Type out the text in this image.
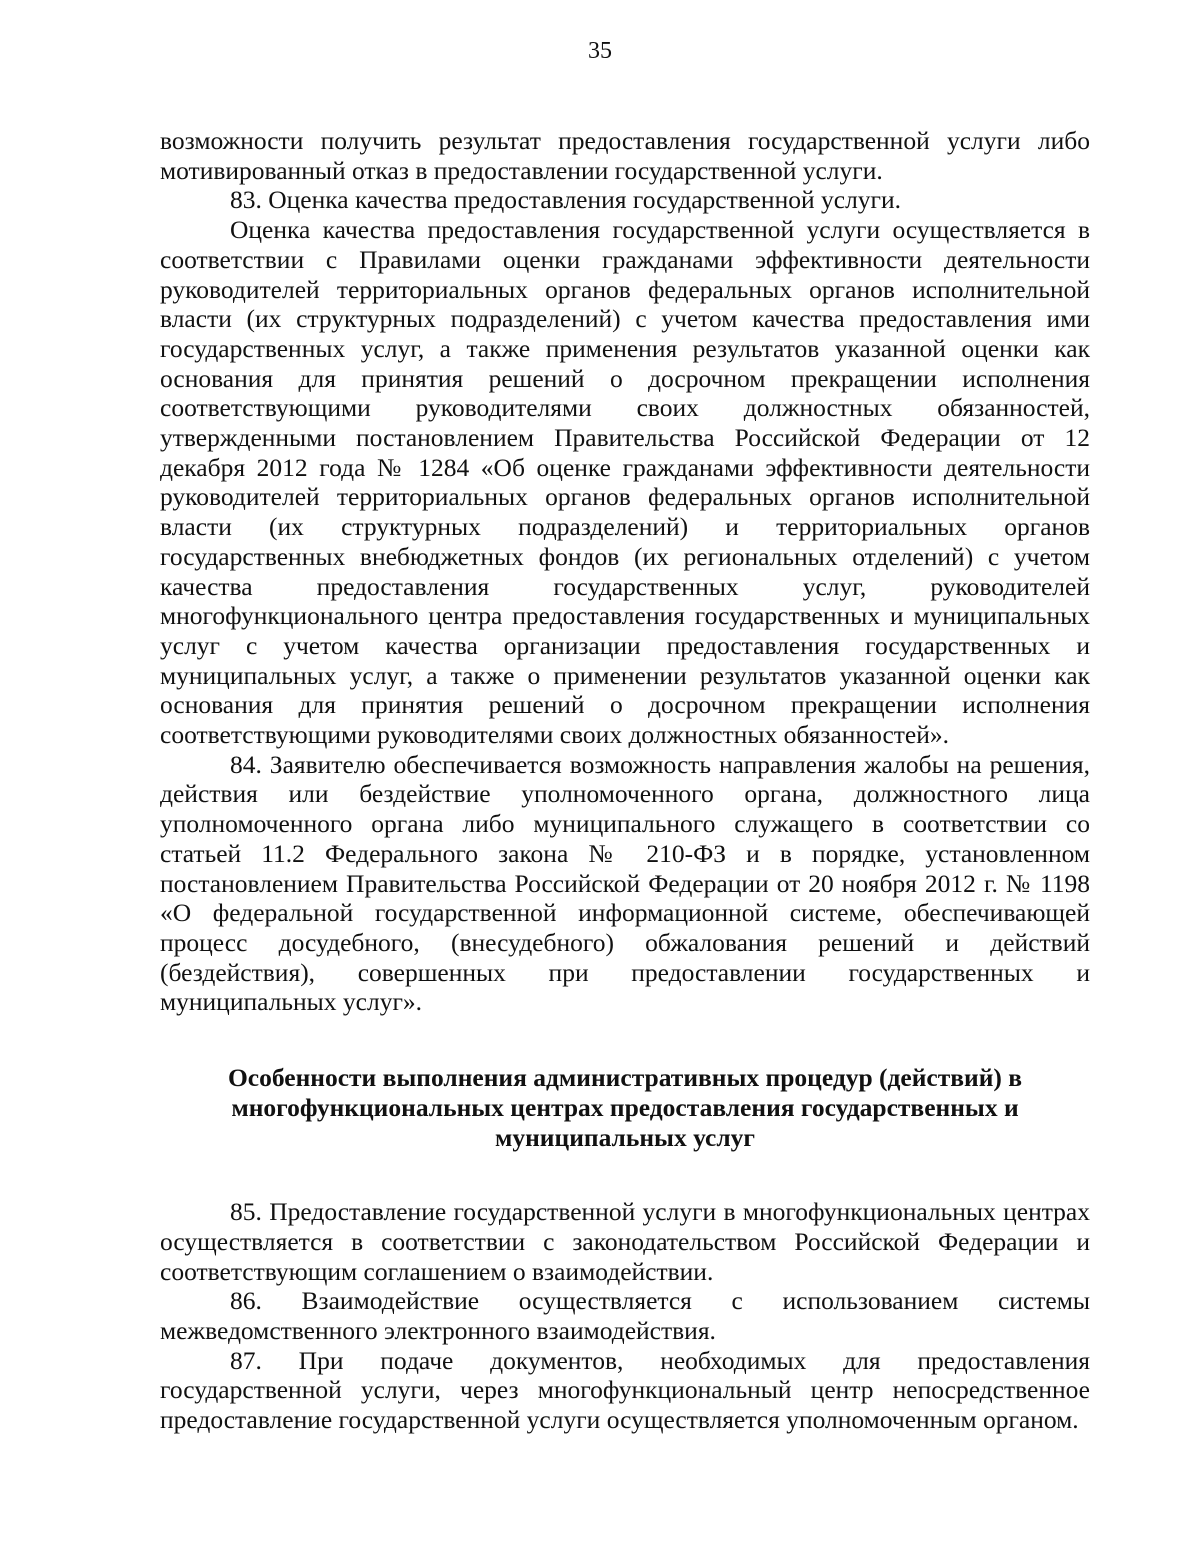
35

возможности получить результат предоставления государственной услуги либо мотивированный отказ в предоставлении государственной услуги.

83. Оценка качества предоставления государственной услуги.

Оценка качества предоставления государственной услуги осуществляется в соответствии с Правилами оценки гражданами эффективности деятельности руководителей территориальных органов федеральных органов исполнительной власти (их структурных подразделений) с учетом качества предоставления ими государственных услуг, а также применения результатов указанной оценки как основания для принятия решений о досрочном прекращении исполнения соответствующими руководителями своих должностных обязанностей, утвержденными постановлением Правительства Российской Федерации от 12 декабря 2012 года № 1284 «Об оценке гражданами эффективности деятельности руководителей территориальных органов федеральных органов исполнительной власти (их структурных подразделений) и территориальных органов государственных внебюджетных фондов (их региональных отделений) с учетом качества предоставления государственных услуг, руководителей многофункционального центра предоставления государственных и муниципальных услуг с учетом качества организации предоставления государственных и муниципальных услуг, а также о применении результатов указанной оценки как основания для принятия решений о досрочном прекращении исполнения соответствующими руководителями своих должностных обязанностей».

84. Заявителю обеспечивается возможность направления жалобы на решения, действия или бездействие уполномоченного органа, должностного лица уполномоченного органа либо муниципального служащего в соответствии со статьей 11.2 Федерального закона № 210-ФЗ и в порядке, установленном постановлением Правительства Российской Федерации от 20 ноября 2012 г. № 1198 «О федеральной государственной информационной системе, обеспечивающей процесс досудебного, (внесудебного) обжалования решений и действий (бездействия), совершенных при предоставлении государственных и муниципальных услуг».

Особенности выполнения административных процедур (действий) в многофункциональных центрах предоставления государственных и муниципальных услуг

85. Предоставление государственной услуги в многофункциональных центрах осуществляется в соответствии с законодательством Российской Федерации и соответствующим соглашением о взаимодействии.

86. Взаимодействие осуществляется с использованием системы межведомственного электронного взаимодействия.

87. При подаче документов, необходимых для предоставления государственной услуги, через многофункциональный центр непосредственное предоставление государственной услуги осуществляется уполномоченным органом.
